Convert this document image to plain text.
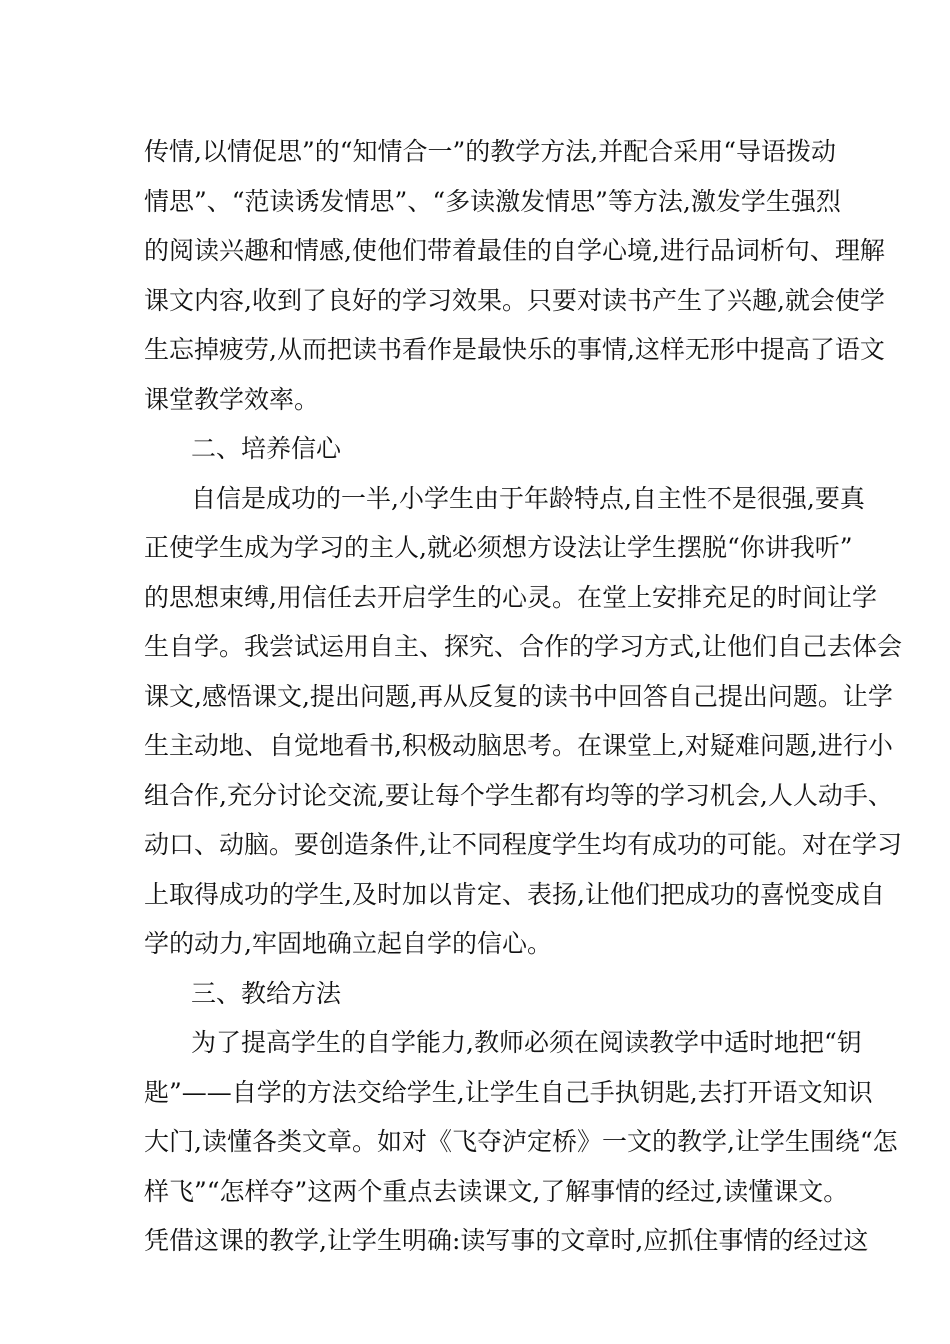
传情,以情促思”的“知情合一”的教学方法,并配合采用“导语拨动
情思”、“范读诱发情思”、“多读激发情思”等方法,激发学生强烈
的阅读兴趣和情感,使他们带着最佳的自学心境,进行品词析句、理解
课文内容,收到了良好的学习效果。只要对读书产生了兴趣,就会使学
生忘掉疲劳,从而把读书看作是最快乐的事情,这样无形中提高了语文
课堂教学效率。
二、培养信心
自信是成功的一半,小学生由于年龄特点,自主性不是很强,要真
正使学生成为学习的主人,就必须想方设法让学生摆脱“你讲我听”
的思想束缚,用信任去开启学生的心灵。在堂上安排充足的时间让学
生自学。我尝试运用自主、探究、合作的学习方式,让他们自己去体会
课文,感悟课文,提出问题,再从反复的读书中回答自己提出问题。让学
生主动地、自觉地看书,积极动脑思考。在课堂上,对疑难问题,进行小
组合作,充分讨论交流,要让每个学生都有均等的学习机会,人人动手、
动口、动脑。要创造条件,让不同程度学生均有成功的可能。对在学习
上取得成功的学生,及时加以肯定、表扬,让他们把成功的喜悦变成自
学的动力,牢固地确立起自学的信心。
三、教给方法
为了提高学生的自学能力,教师必须在阅读教学中适时地把“钥
匙”——自学的方法交给学生,让学生自己手执钥匙,去打开语文知识
大门,读懂各类文章。如对《飞夺泸定桥》一文的教学,让学生围绕“怎
样飞”“怎样夺”这两个重点去读课文,了解事情的经过,读懂课文。
凭借这课的教学,让学生明确:读写事的文章时,应抓住事情的经过这
